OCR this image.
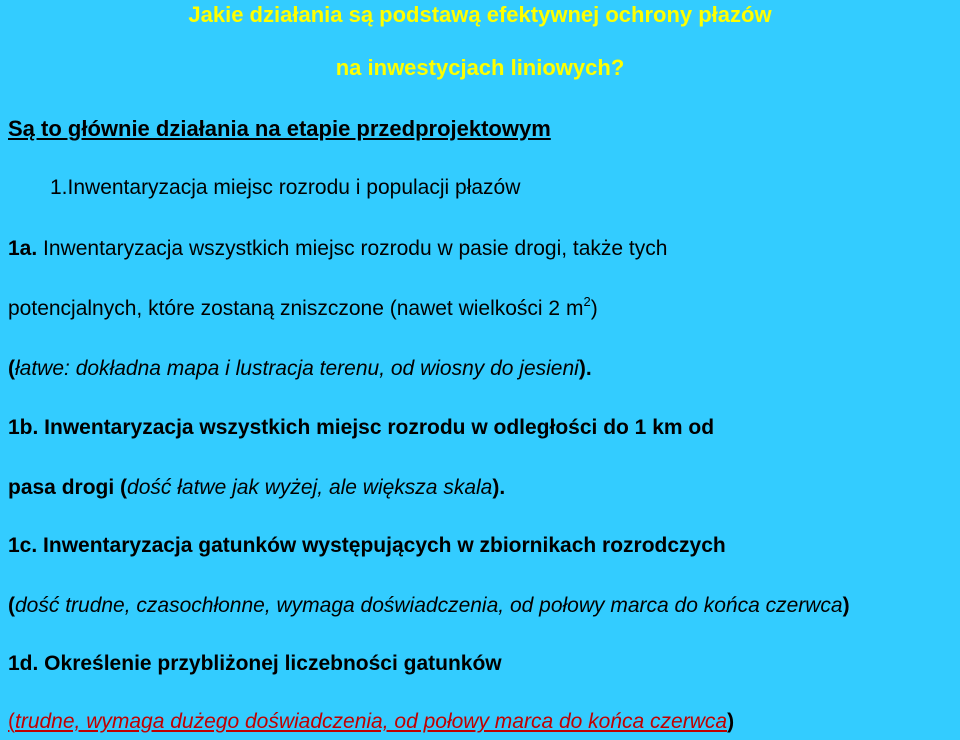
Jakie działania są podstawą efektywnej ochrony płazów
na inwestycjach liniowych?
Są to głównie działania na etapie przedprojektowym
1.Inwentaryzacja miejsc rozrodu i populacji płazów
1a. Inwentaryzacja wszystkich miejsc rozrodu w pasie drogi, także tych
potencjalnych, które zostaną zniszczone (nawet wielkości 2 $m^2$)
(łatwe: dokładna mapa i lustracja terenu, od wiosny do jesieni).
1b. Inwentaryzacja wszystkich miejsc rozrodu w odległości do 1 km od
pasa drogi (dość łatwe jak wyżej, ale większa skala).
1c. Inwentaryzacja gatunków występujących w zbiornikach rozrodczych
(dość trudne, czasochłonne, wymaga doświadczenia, od połowy marca do końca czerwca)
1d. Określenie przybliżonej liczebności gatunków
(trudne, wymaga dużego doświadczenia, od połowy marca do końca czerwca)
